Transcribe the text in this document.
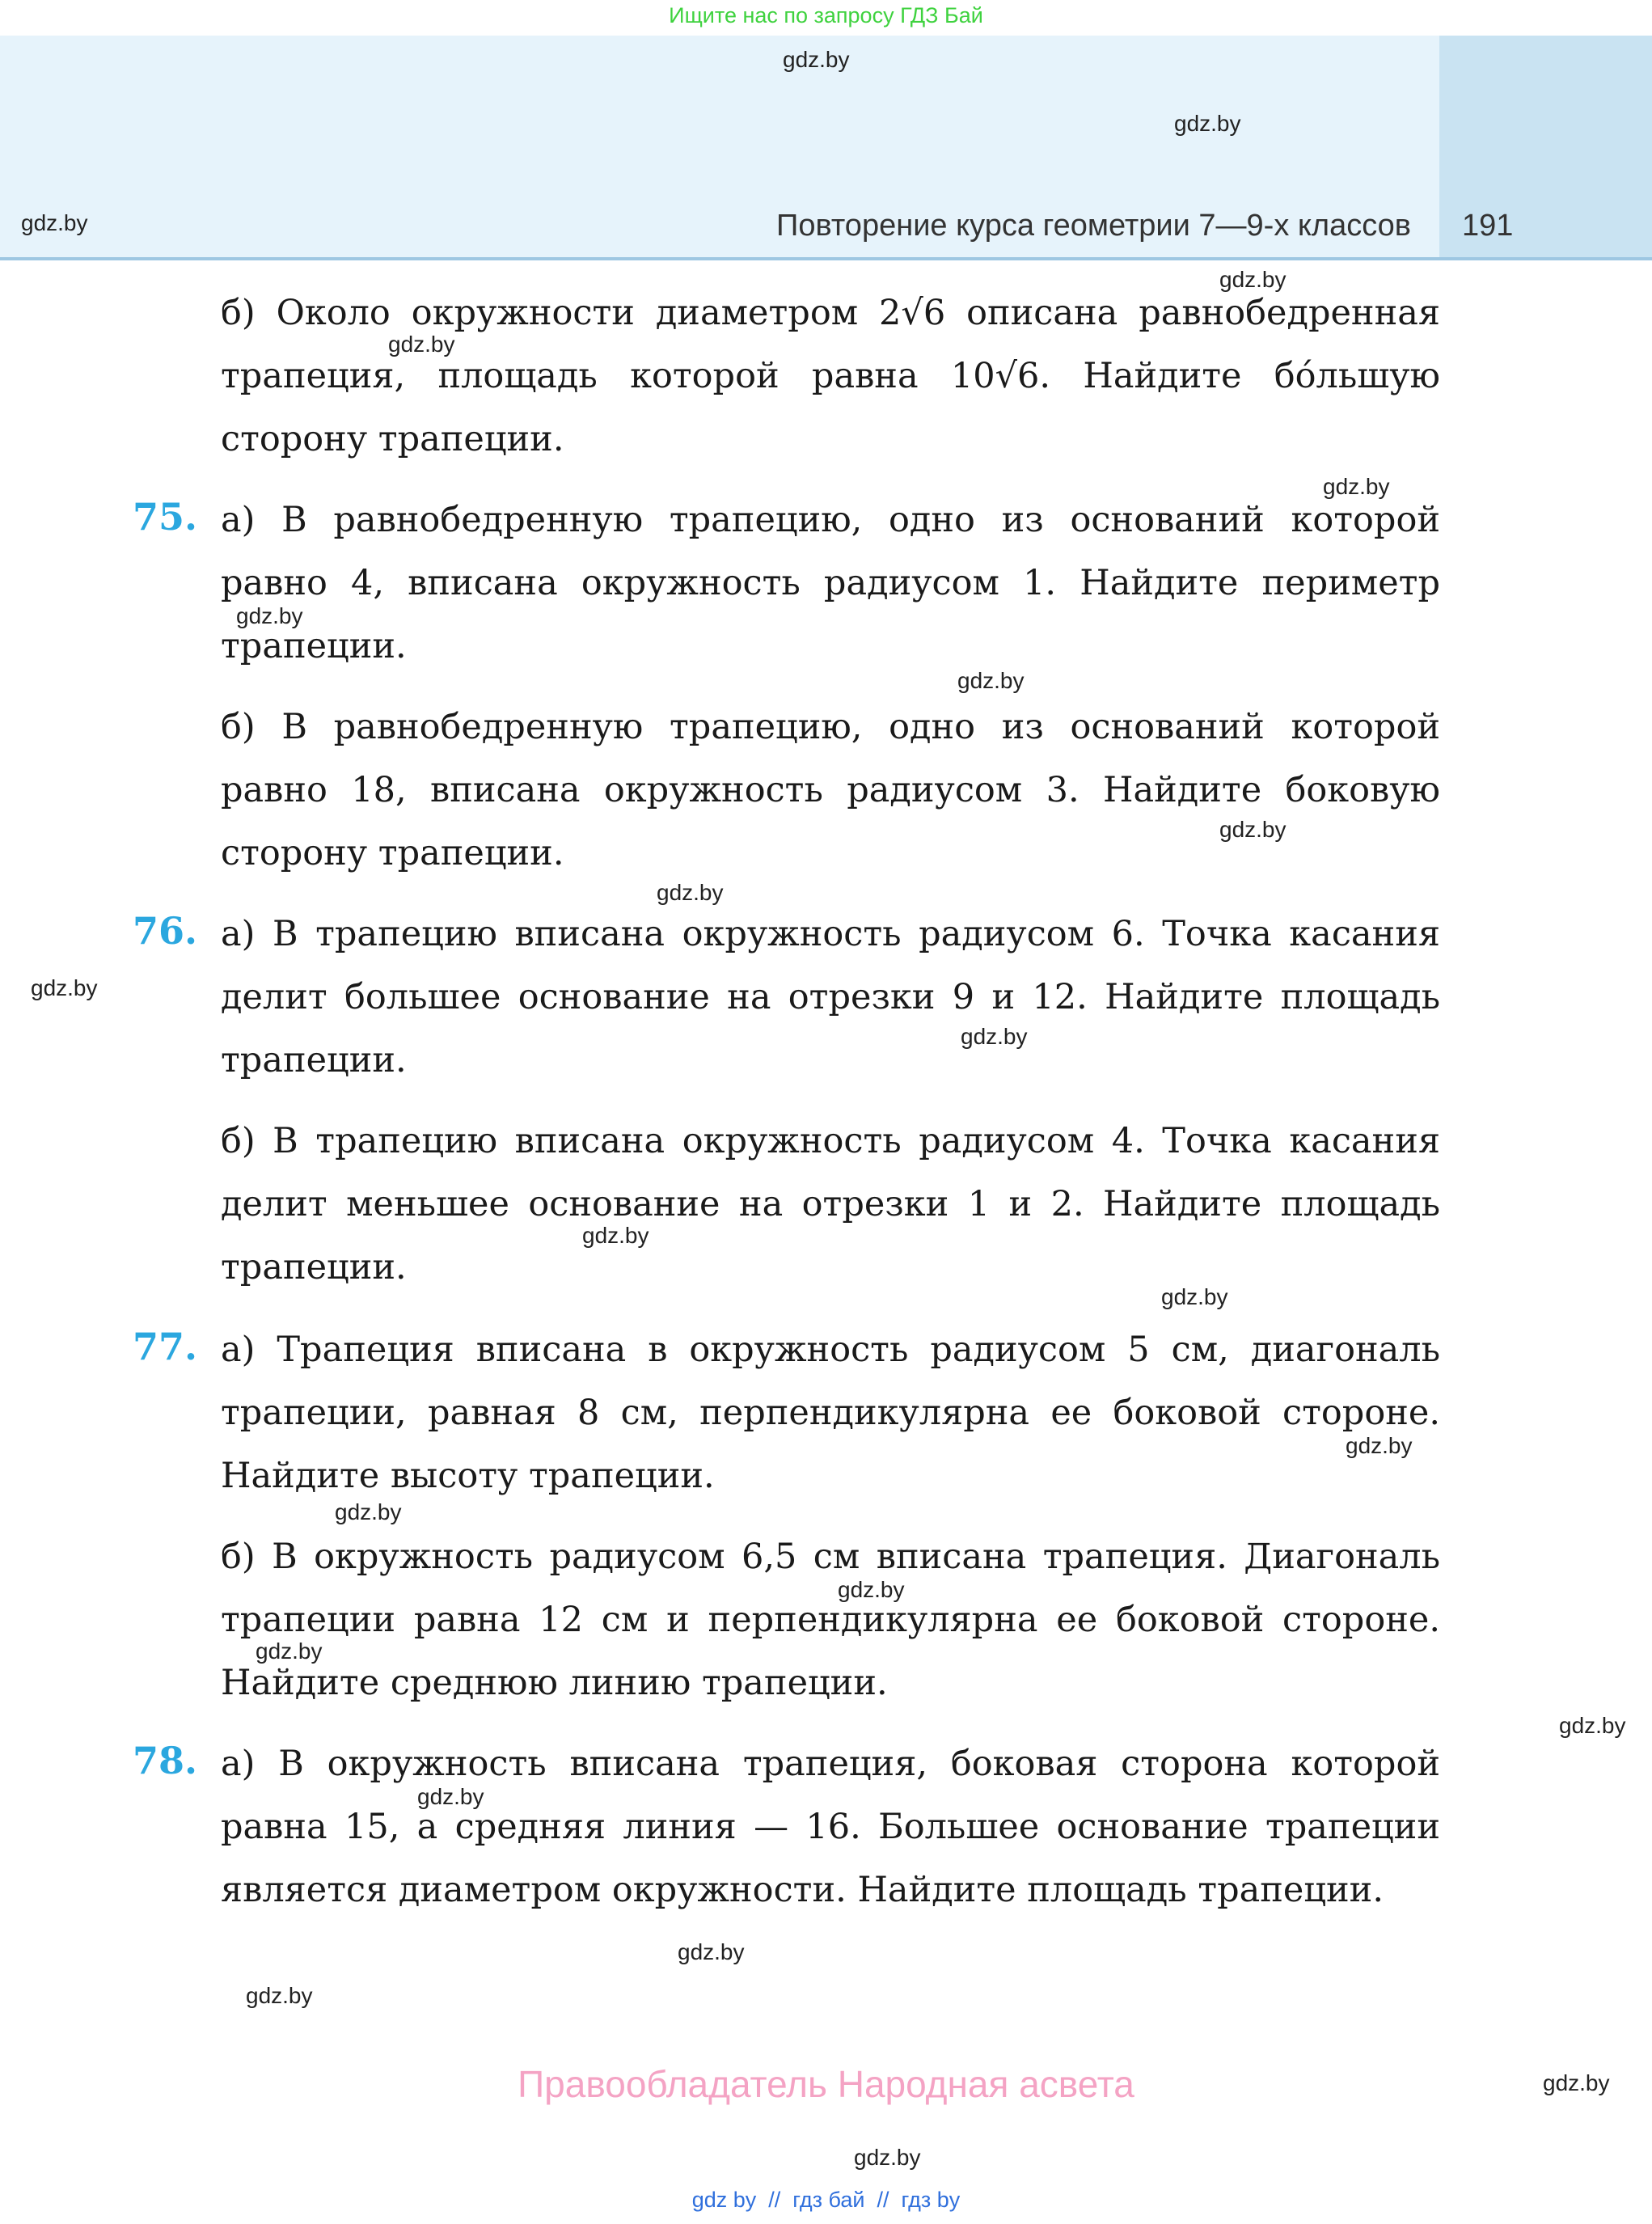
Ищите нас по запросу ГДЗ Бай
Повторение курса геометрии 7—9-х классов 191
gdz.by
gdz.by
gdz.by
gdz.by
gdz.by
gdz.by
gdz.by
gdz.by
gdz.by
gdz.by
gdz.by
gdz.by
gdz.by
gdz.by
gdz.by
gdz.by
gdz.by
gdz.by
gdz.by
gdz.by
gdz.by
gdz.by
gdz.by
gdz.by
б) Около окружности диаметром 2√6 описана равнобедренная трапеция, площадь которой равна 10√6. Найдите бóльшую сторону трапеции.
75. а) В равнобедренную трапецию, одно из оснований которой равно 4, вписана окружность радиусом 1. Найдите периметр трапеции.
б) В равнобедренную трапецию, одно из оснований которой равно 18, вписана окружность радиусом 3. Найдите боковую сторону трапеции.
76. а) В трапецию вписана окружность радиусом 6. Точка касания делит большее основание на отрезки 9 и 12. Найдите площадь трапеции.
б) В трапецию вписана окружность радиусом 4. Точка касания делит меньшее основание на отрезки 1 и 2. Найдите площадь трапеции.
77. а) Трапеция вписана в окружность радиусом 5 см, диагональ трапеции, равная 8 см, перпендикулярна ее боковой стороне. Найдите высоту трапеции.
б) В окружность радиусом 6,5 см вписана трапеция. Диагональ трапеции равна 12 см и перпендикулярна ее боковой стороне. Найдите среднюю линию трапеции.
78. а) В окружность вписана трапеция, боковая сторона которой равна 15, а средняя линия — 16. Большее основание трапеции является диаметром окружности. Найдите площадь трапеции.
Правообладатель Народная асвета
gdz by  //  гдз бай  //  гдз by
